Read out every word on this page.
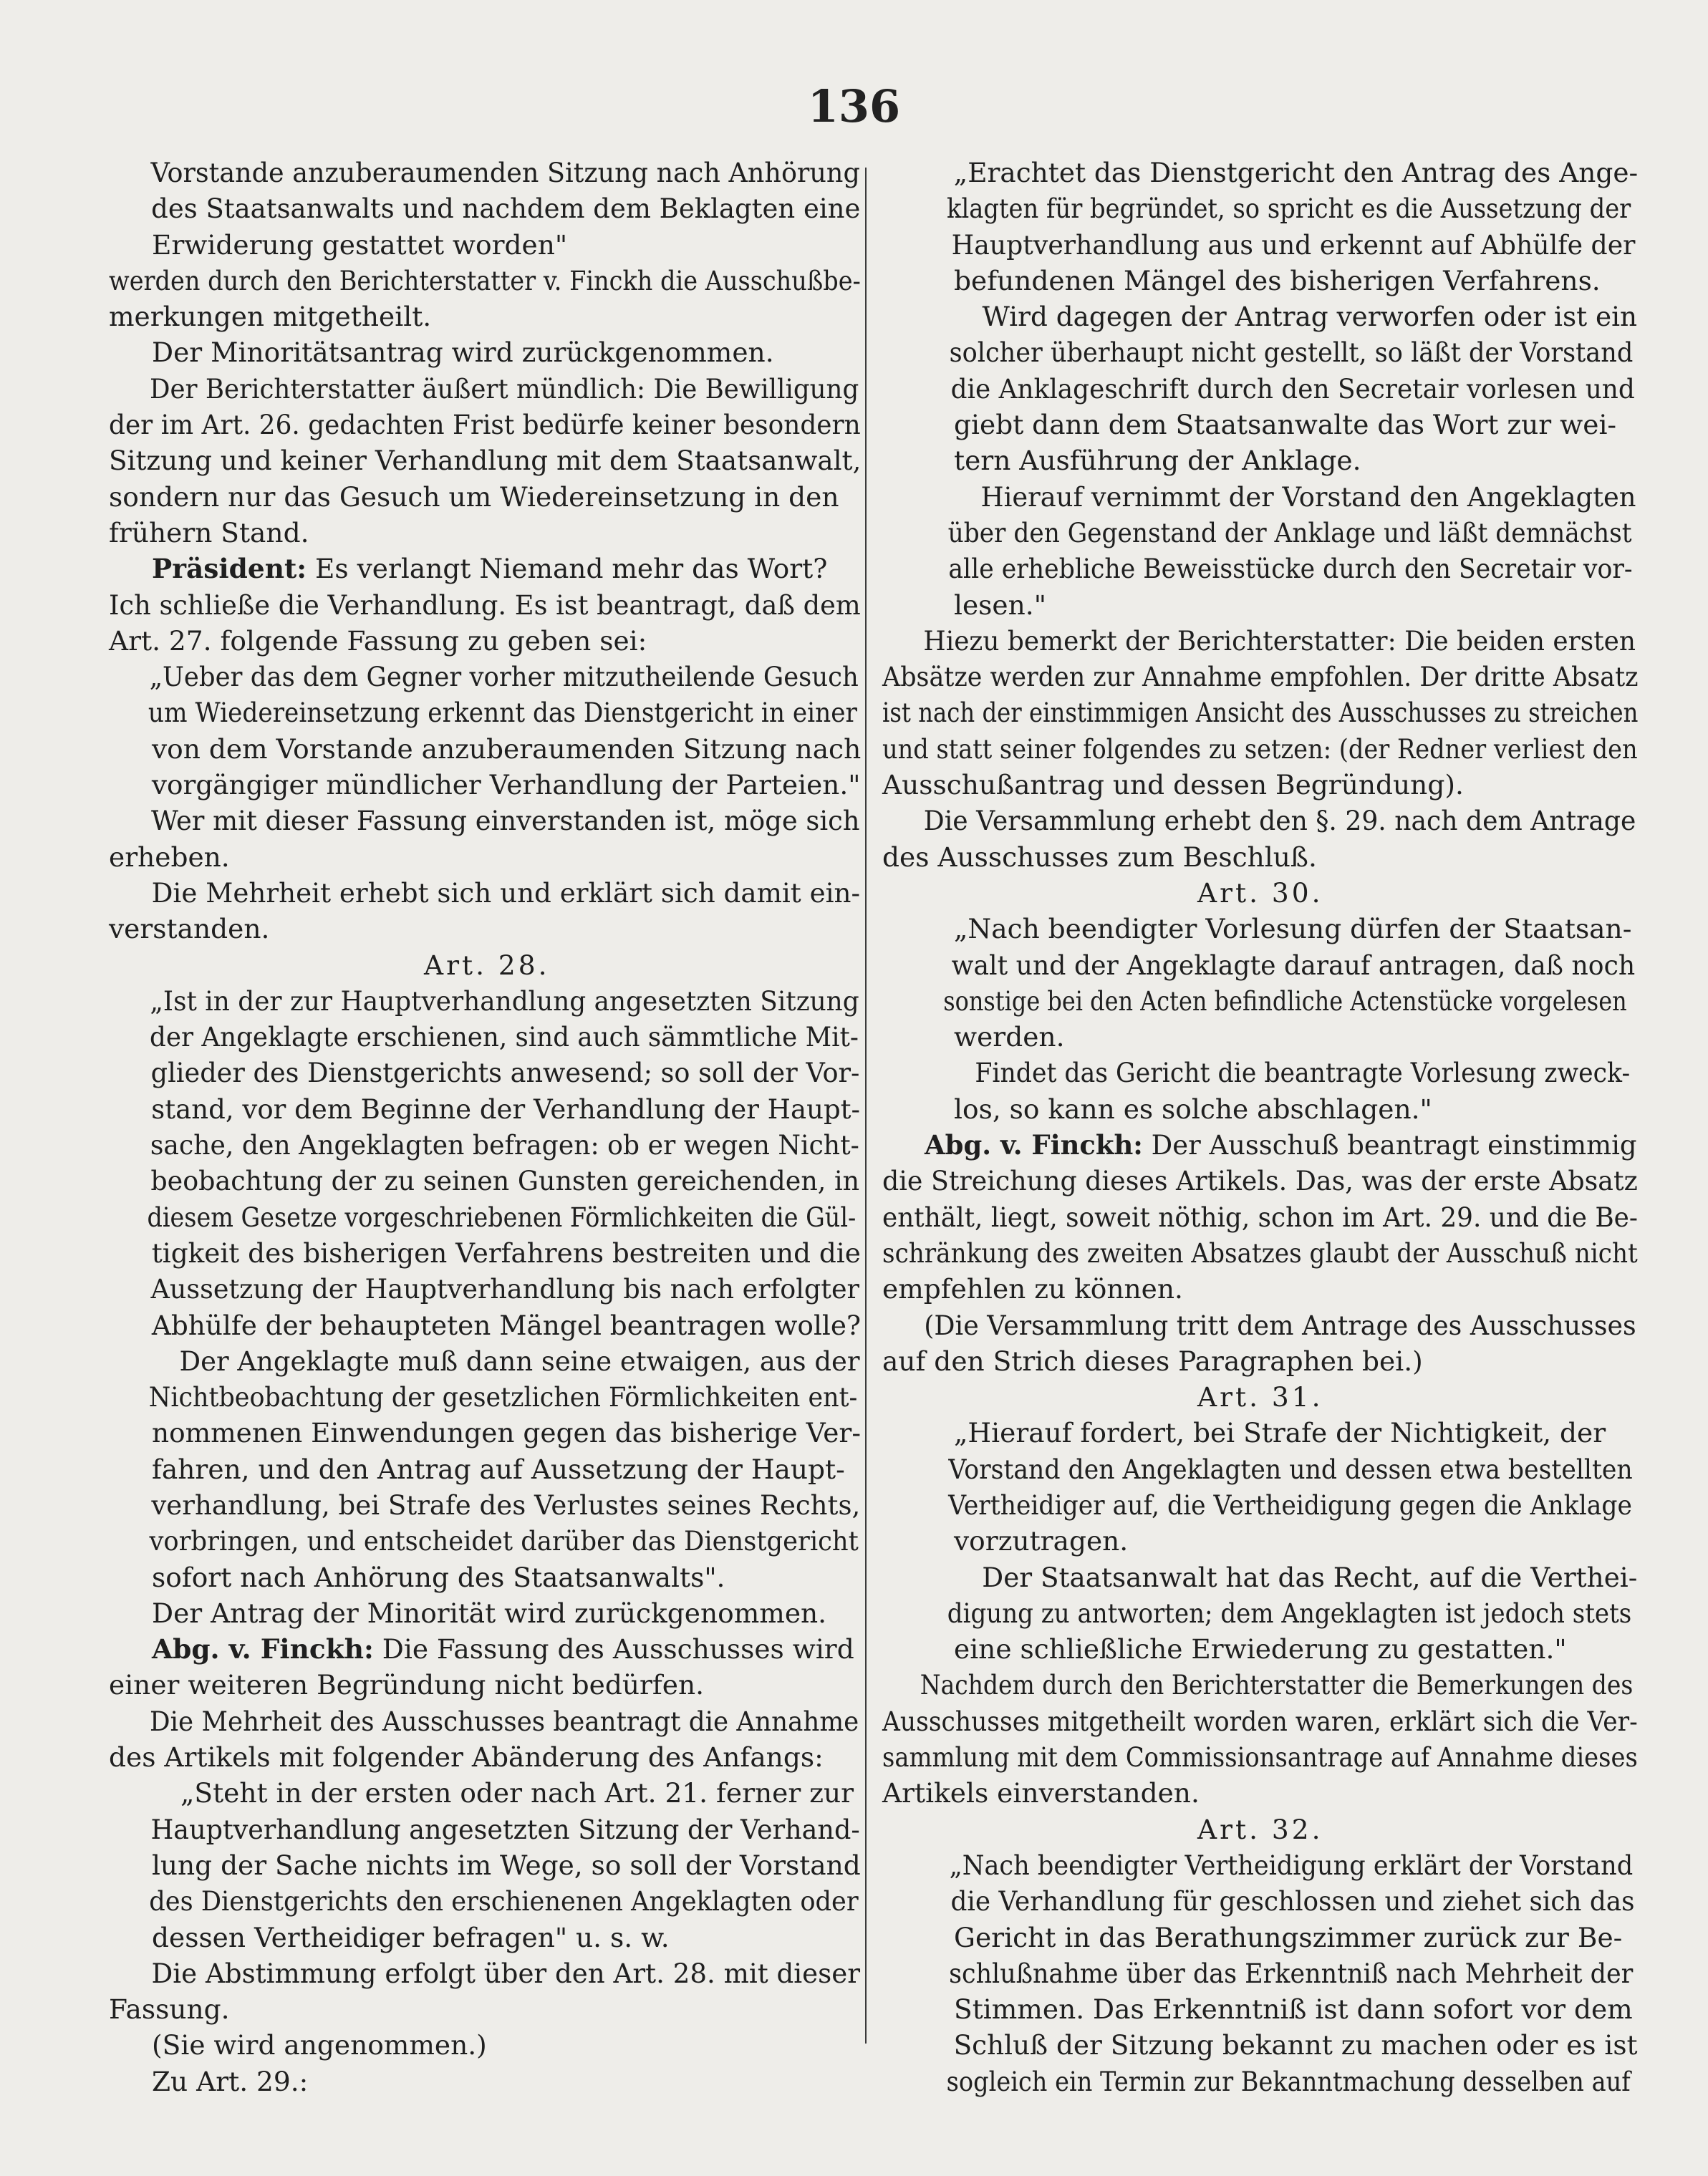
136
Vorstande anzuberaumenden Sitzung nach Anhörung
des Staatsanwalts und nachdem dem Beklagten eine
Erwiderung gestattet worden"
werden durch den Berichterstatter v. Finckh die Ausschußbe-
merkungen mitgetheilt.
Der Minoritätsantrag wird zurückgenommen.
Der Berichterstatter äußert mündlich: Die Bewilligung
der im Art. 26. gedachten Frist bedürfe keiner besondern
Sitzung und keiner Verhandlung mit dem Staatsanwalt,
sondern nur das Gesuch um Wiedereinsetzung in den
frühern Stand.
Präsident: Es verlangt Niemand mehr das Wort?
Ich schließe die Verhandlung. Es ist beantragt, daß dem
Art. 27. folgende Fassung zu geben sei:
„Ueber das dem Gegner vorher mitzutheilende Gesuch
um Wiedereinsetzung erkennt das Dienstgericht in einer
von dem Vorstande anzuberaumenden Sitzung nach
vorgängiger mündlicher Verhandlung der Parteien."
Wer mit dieser Fassung einverstanden ist, möge sich
erheben.
Die Mehrheit erhebt sich und erklärt sich damit ein-
verstanden.
Art. 28.
„Ist in der zur Hauptverhandlung angesetzten Sitzung
der Angeklagte erschienen, sind auch sämmtliche Mit-
glieder des Dienstgerichts anwesend; so soll der Vor-
stand, vor dem Beginne der Verhandlung der Haupt-
sache, den Angeklagten befragen: ob er wegen Nicht-
beobachtung der zu seinen Gunsten gereichenden, in
diesem Gesetze vorgeschriebenen Förmlichkeiten die Gül-
tigkeit des bisherigen Verfahrens bestreiten und die
Aussetzung der Hauptverhandlung bis nach erfolgter
Abhülfe der behaupteten Mängel beantragen wolle?
Der Angeklagte muß dann seine etwaigen, aus der
Nichtbeobachtung der gesetzlichen Förmlichkeiten ent-
nommenen Einwendungen gegen das bisherige Ver-
fahren, und den Antrag auf Aussetzung der Haupt-
verhandlung, bei Strafe des Verlustes seines Rechts,
vorbringen, und entscheidet darüber das Dienstgericht
sofort nach Anhörung des Staatsanwalts".
Der Antrag der Minorität wird zurückgenommen.
Abg. v. Finckh: Die Fassung des Ausschusses wird
einer weiteren Begründung nicht bedürfen.
Die Mehrheit des Ausschusses beantragt die Annahme
des Artikels mit folgender Abänderung des Anfangs:
„Steht in der ersten oder nach Art. 21. ferner zur
Hauptverhandlung angesetzten Sitzung der Verhand-
lung der Sache nichts im Wege, so soll der Vorstand
des Dienstgerichts den erschienenen Angeklagten oder
dessen Vertheidiger befragen" u. s. w.
Die Abstimmung erfolgt über den Art. 28. mit dieser
Fassung.
(Sie wird angenommen.)
Zu Art. 29.:
„Erachtet das Dienstgericht den Antrag des Ange-
klagten für begründet, so spricht es die Aussetzung der
Hauptverhandlung aus und erkennt auf Abhülfe der
befundenen Mängel des bisherigen Verfahrens.
Wird dagegen der Antrag verworfen oder ist ein
solcher überhaupt nicht gestellt, so läßt der Vorstand
die Anklageschrift durch den Secretair vorlesen und
giebt dann dem Staatsanwalte das Wort zur wei-
tern Ausführung der Anklage.
Hierauf vernimmt der Vorstand den Angeklagten
über den Gegenstand der Anklage und läßt demnächst
alle erhebliche Beweisstücke durch den Secretair vor-
lesen."
Hiezu bemerkt der Berichterstatter: Die beiden ersten
Absätze werden zur Annahme empfohlen. Der dritte Absatz
ist nach der einstimmigen Ansicht des Ausschusses zu streichen
und statt seiner folgendes zu setzen: (der Redner verliest den
Ausschußantrag und dessen Begründung).
Die Versammlung erhebt den §. 29. nach dem Antrage
des Ausschusses zum Beschluß.
Art. 30.
„Nach beendigter Vorlesung dürfen der Staatsan-
walt und der Angeklagte darauf antragen, daß noch
sonstige bei den Acten befindliche Actenstücke vorgelesen
werden.
Findet das Gericht die beantragte Vorlesung zweck-
los, so kann es solche abschlagen."
Abg. v. Finckh: Der Ausschuß beantragt einstimmig
die Streichung dieses Artikels. Das, was der erste Absatz
enthält, liegt, soweit nöthig, schon im Art. 29. und die Be-
schränkung des zweiten Absatzes glaubt der Ausschuß nicht
empfehlen zu können.
(Die Versammlung tritt dem Antrage des Ausschusses
auf den Strich dieses Paragraphen bei.)
Art. 31.
„Hierauf fordert, bei Strafe der Nichtigkeit, der
Vorstand den Angeklagten und dessen etwa bestellten
Vertheidiger auf, die Vertheidigung gegen die Anklage
vorzutragen.
Der Staatsanwalt hat das Recht, auf die Verthei-
digung zu antworten; dem Angeklagten ist jedoch stets
eine schließliche Erwiederung zu gestatten."
Nachdem durch den Berichterstatter die Bemerkungen des
Ausschusses mitgetheilt worden waren, erklärt sich die Ver-
sammlung mit dem Commissionsantrage auf Annahme dieses
Artikels einverstanden.
Art. 32.
„Nach beendigter Vertheidigung erklärt der Vorstand
die Verhandlung für geschlossen und ziehet sich das
Gericht in das Berathungszimmer zurück zur Be-
schlußnahme über das Erkenntniß nach Mehrheit der
Stimmen. Das Erkenntniß ist dann sofort vor dem
Schluß der Sitzung bekannt zu machen oder es ist
sogleich ein Termin zur Bekanntmachung desselben auf
